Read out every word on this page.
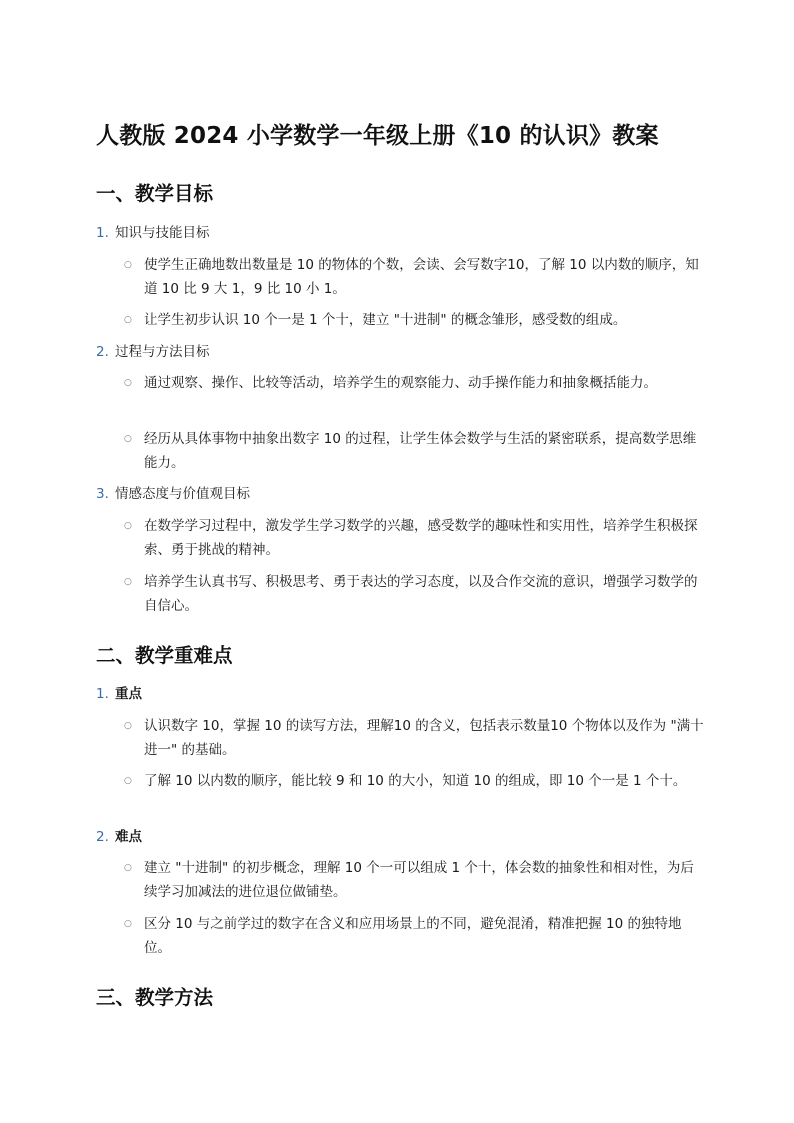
人教版 2024 小学数学一年级上册《10 的认识》教案
一、教学目标
1. 知识与技能目标
○ 使学生正确地数出数量是 10 的物体的个数，会读、会写数字10，了解 10 以内数的顺序，知道 10 比 9 大 1，9 比 10 小 1。
○ 让学生初步认识 10 个一是 1 个十，建立 "十进制" 的概念雏形，感受数的组成。
2. 过程与方法目标
○ 通过观察、操作、比较等活动，培养学生的观察能力、动手操作能力和抽象概括能力。
○ 经历从具体事物中抽象出数字 10 的过程，让学生体会数学与生活的紧密联系，提高数学思维能力。
3. 情感态度与价值观目标
○ 在数学学习过程中，激发学生学习数学的兴趣，感受数学的趣味性和实用性，培养学生积极探索、勇于挑战的精神。
○ 培养学生认真书写、积极思考、勇于表达的学习态度，以及合作交流的意识，增强学习数学的自信心。
二、教学重难点
1. 重点
○ 认识数字 10，掌握 10 的读写方法，理解10 的含义，包括表示数量10 个物体以及作为 "满十进一" 的基础。
○ 了解 10 以内数的顺序，能比较 9 和 10 的大小，知道 10 的组成，即 10 个一是 1 个十。
2. 难点
○ 建立 "十进制" 的初步概念，理解 10 个一可以组成 1 个十，体会数的抽象性和相对性，为后续学习加减法的进位退位做铺垫。
○ 区分 10 与之前学过的数字在含义和应用场景上的不同，避免混淆，精准把握 10 的独特地位。
三、教学方法
